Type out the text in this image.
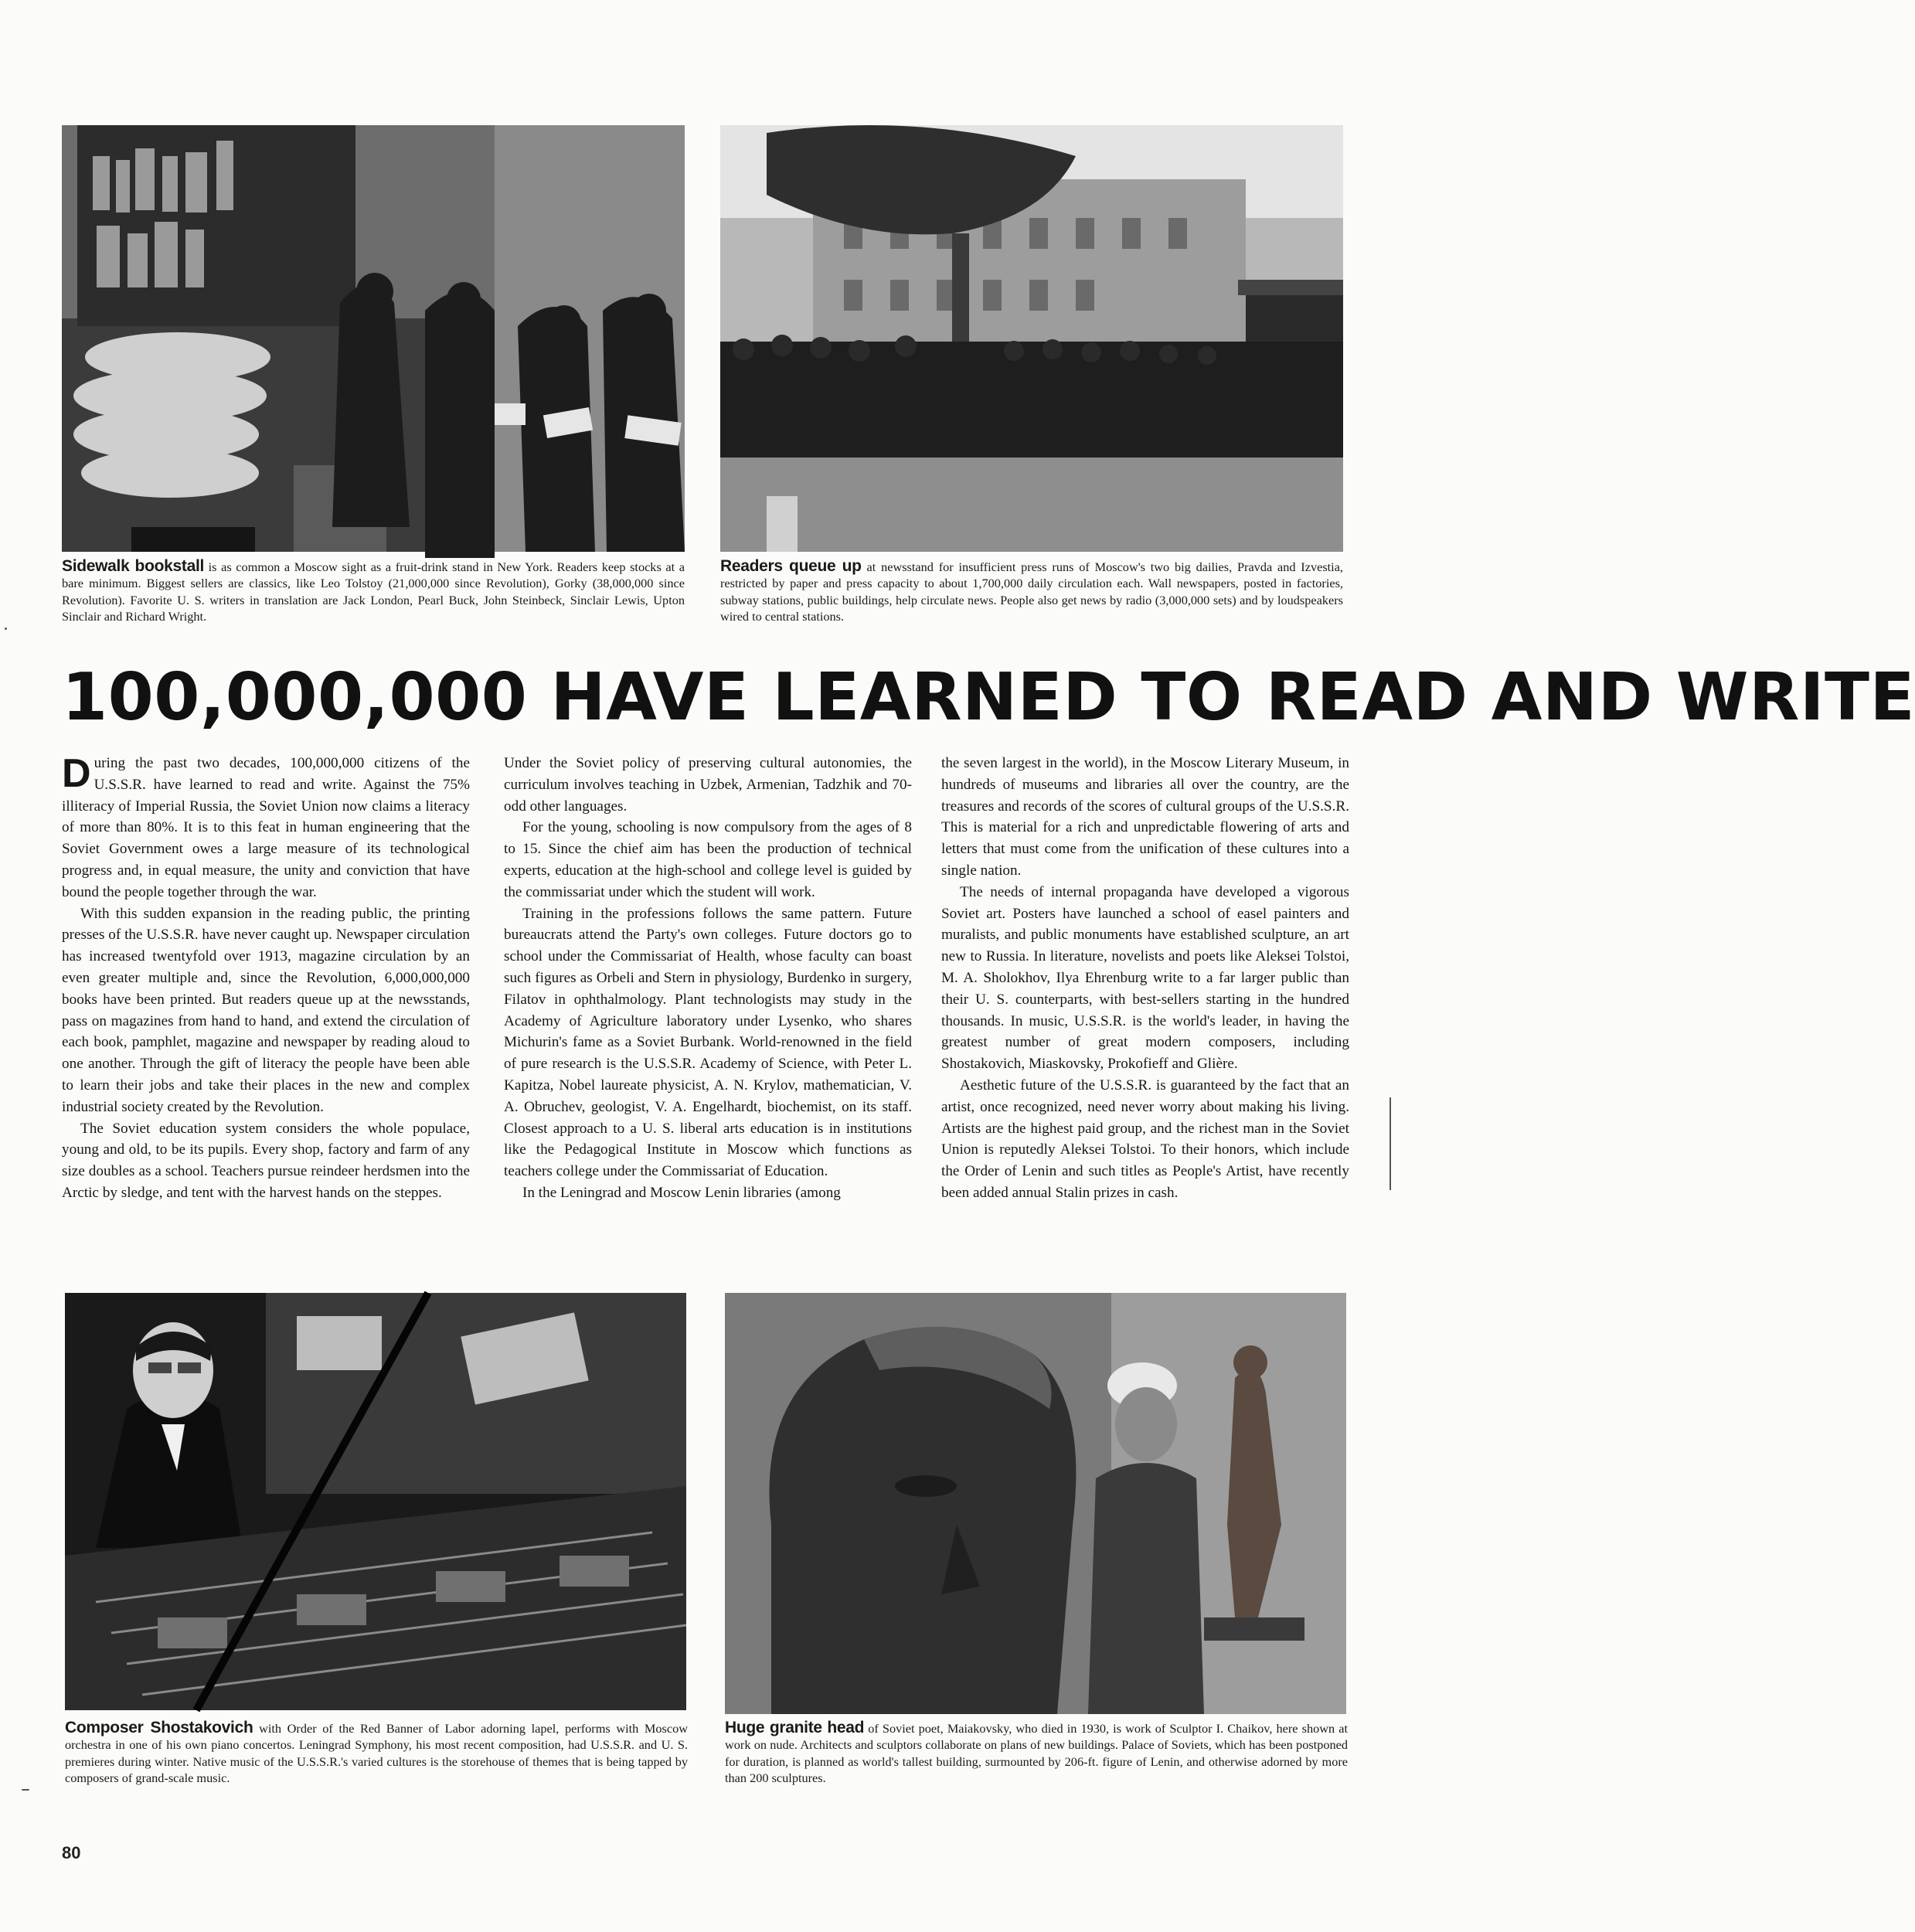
Sidewalk bookstall is as common a Moscow sight as a fruit-drink stand in New York. Readers keep stocks at a bare minimum. Biggest sellers are classics, like Leo Tolstoy (21,000,000 since Revolution), Gorky (38,000,000 since Revolution). Favorite U. S. writers in translation are Jack London, Pearl Buck, John Steinbeck, Sinclair Lewis, Upton Sinclair and Richard Wright.
Readers queue up at newsstand for insufficient press runs of Moscow's two big dailies, Pravda and Izvestia, restricted by paper and press capacity to about 1,700,000 daily circulation each. Wall newspapers, posted in factories, subway stations, public buildings, help circulate news. People also get news by radio (3,000,000 sets) and by loudspeakers wired to central stations.
100,000,000 HAVE LEARNED TO READ AND WRITE

During the past two decades, 100,000,000 citizens of the U.S.S.R. have learned to read and write. Against the 75% illiteracy of Imperial Russia, the Soviet Union now claims a literacy of more than 80%. It is to this feat in human engineering that the Soviet Government owes a large measure of its technological progress and, in equal measure, the unity and conviction that have bound the people together through the war.

With this sudden expansion in the reading public, the printing presses of the U.S.S.R. have never caught up. Newspaper circulation has increased twentyfold over 1913, magazine circulation by an even greater multiple and, since the Revolution, 6,000,000,000 books have been printed. But readers queue up at the newsstands, pass on magazines from hand to hand, and extend the circulation of each book, pamphlet, magazine and newspaper by reading aloud to one another. Through the gift of literacy the people have been able to learn their jobs and take their places in the new and complex industrial society created by the Revolution.

The Soviet education system considers the whole populace, young and old, to be its pupils. Every shop, factory and farm of any size doubles as a school. Teachers pursue reindeer herdsmen into the Arctic by sledge, and tent with the harvest hands on the steppes.

Under the Soviet policy of preserving cultural autonomies, the curriculum involves teaching in Uzbek, Armenian, Tadzhik and 70-odd other languages.

For the young, schooling is now compulsory from the ages of 8 to 15. Since the chief aim has been the production of technical experts, education at the high-school and college level is guided by the commissariat under which the student will work.

Training in the professions follows the same pattern. Future bureaucrats attend the Party's own colleges. Future doctors go to school under the Commissariat of Health, whose faculty can boast such figures as Orbeli and Stern in physiology, Burdenko in surgery, Filatov in ophthalmology. Plant technologists may study in the Academy of Agriculture laboratory under Lysenko, who shares Michurin's fame as a Soviet Burbank. World-renowned in the field of pure research is the U.S.S.R. Academy of Science, with Peter L. Kapitza, Nobel laureate physicist, A. N. Krylov, mathematician, V. A. Obruchev, geologist, V. A. Engelhardt, biochemist, on its staff. Closest approach to a U. S. liberal arts education is in institutions like the Pedagogical Institute in Moscow which functions as teachers college under the Commissariat of Education.

In the Leningrad and Moscow Lenin libraries (among

the seven largest in the world), in the Moscow Literary Museum, in hundreds of museums and libraries all over the country, are the treasures and records of the scores of cultural groups of the U.S.S.R. This is material for a rich and unpredictable flowering of arts and letters that must come from the unification of these cultures into a single nation.

The needs of internal propaganda have developed a vigorous Soviet art. Posters have launched a school of easel painters and muralists, and public monuments have established sculpture, an art new to Russia. In literature, novelists and poets like Aleksei Tolstoi, M. A. Sholokhov, Ilya Ehrenburg write to a far larger public than their U. S. counterparts, with best-sellers starting in the hundred thousands. In music, U.S.S.R. is the world's leader, in having the greatest number of great modern composers, including Shostakovich, Miaskovsky, Prokofieff and Glière.

Aesthetic future of the U.S.S.R. is guaranteed by the fact that an artist, once recognized, need never worry about making his living. Artists are the highest paid group, and the richest man in the Soviet Union is reputedly Aleksei Tolstoi. To their honors, which include the Order of Lenin and such titles as People's Artist, have recently been added annual Stalin prizes in cash.

Composer Shostakovich with Order of the Red Banner of Labor adorning lapel, performs with Moscow orchestra in one of his own piano concertos. Leningrad Symphony, his most recent composition, had U.S.S.R. and U. S. premieres during winter. Native music of the U.S.S.R.'s varied cultures is the storehouse of themes that is being tapped by composers of grand-scale music.
Huge granite head of Soviet poet, Maiakovsky, who died in 1930, is work of Sculptor I. Chaikov, here shown at work on nude. Architects and sculptors collaborate on plans of new buildings. Palace of Soviets, which has been postponed for duration, is planned as world's tallest building, surmounted by 206-ft. figure of Lenin, and otherwise adorned by more than 200 sculptures.
80
